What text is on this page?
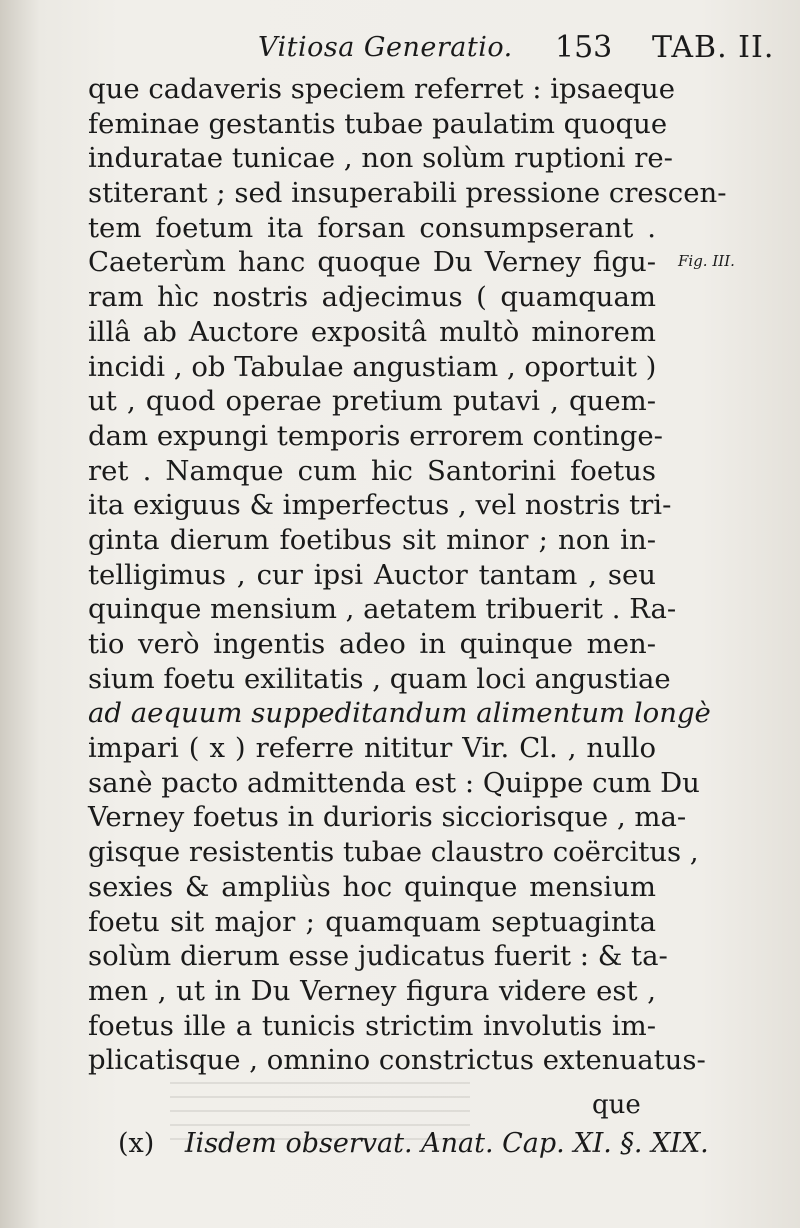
Vitiosa Generatio. 153 TAB. II.
que cadaveris speciem referret : ipsaeque
feminae gestantis tubae paulatim quoque
induratae tunicae , non solùm ruptioni re-
stiterant ; sed insuperabili pressione crescen-
tem foetum ita forsan consumpserant .
Caeterùm hanc quoque Du Verney figu-
ram hìc nostris adjecimus ( quamquam
illâ ab Auctore expositâ multò minorem
incidi , ob Tabulae angustiam , oportuit )
ut , quod operae pretium putavi , quem-
dam expungi temporis errorem continge-
ret . Namque cum hic Santorini foetus
ita exiguus & imperfectus , vel nostris tri-
ginta dierum foetibus sit minor ; non in-
telligimus , cur ipsi Auctor tantam , seu
quinque mensium , aetatem tribuerit . Ra-
tio verò ingentis adeo in quinque men-
sium foetu exilitatis , quam loci angustiae
ad aequum suppeditandum alimentum longè
impari ( x ) referre nititur Vir. Cl. , nullo
sanè pacto admittenda est : Quippe cum Du
Verney foetus in durioris sicciorisque , ma-
gisque resistentis tubae claustro coërcitus ,
sexies & ampliùs hoc quinque mensium
foetu sit major ; quamquam septuaginta
solùm dierum esse judicatus fuerit : & ta-
men , ut in Du Verney figura videre est ,
foetus ille a tunicis strictim involutis im-
plicatisque , omnino constrictus extenuatus-
Fig. III.
que
(x) Iisdem observat. Anat. Cap. XI. §. XIX.
